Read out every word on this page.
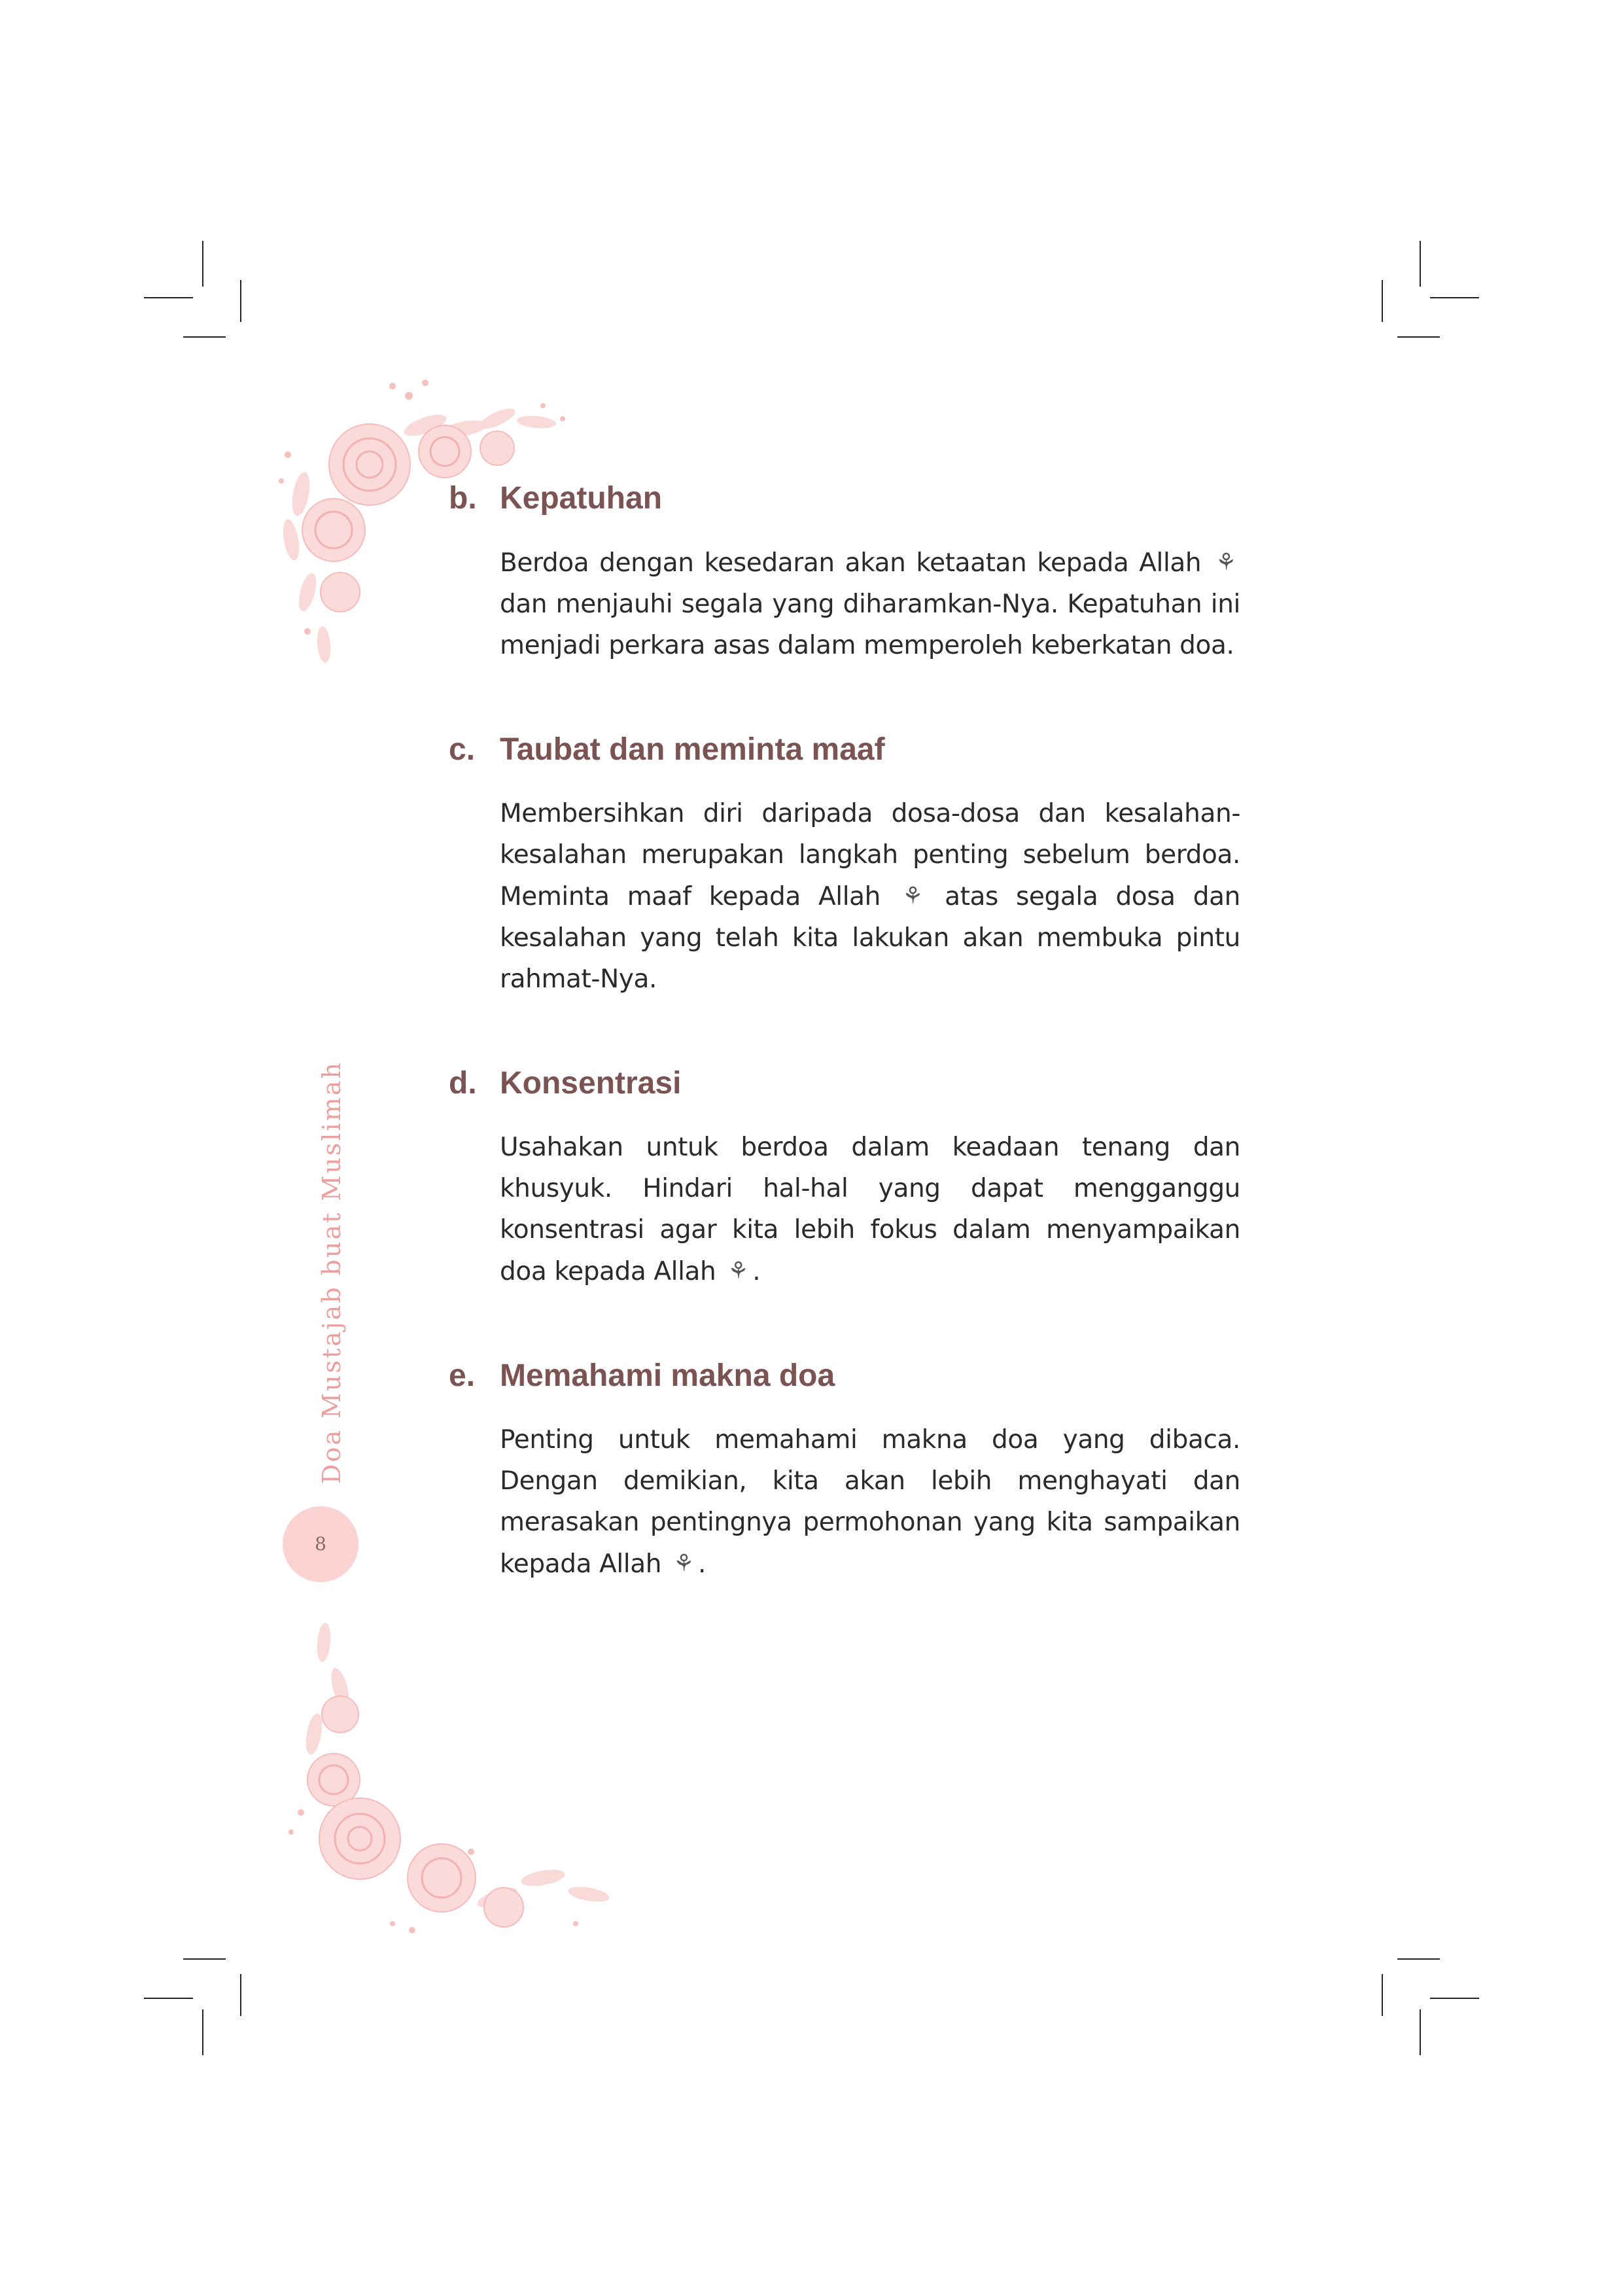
Doa Mustajab buat Muslimah
8
b. Kepatuhan
Berdoa dengan kesedaran akan ketaatan kepada Allah ⚘ dan menjauhi segala yang diharamkan-Nya. Kepatuhan ini menjadi perkara asas dalam memperoleh keberkatan doa.
c. Taubat dan meminta maaf
Membersihkan diri daripada dosa-dosa dan kesalahan-kesalahan merupakan langkah penting sebelum berdoa. Meminta maaf kepada Allah ⚘ atas segala dosa dan kesalahan yang telah kita lakukan akan membuka pintu rahmat-Nya.
d. Konsentrasi
Usahakan untuk berdoa dalam keadaan tenang dan khusyuk. Hindari hal-hal yang dapat mengganggu konsentrasi agar kita lebih fokus dalam menyampaikan doa kepada Allah ⚘ .
e. Memahami makna doa
Penting untuk memahami makna doa yang dibaca. Dengan demikian, kita akan lebih menghayati dan merasakan pentingnya permohonan yang kita sampaikan kepada Allah ⚘ .
